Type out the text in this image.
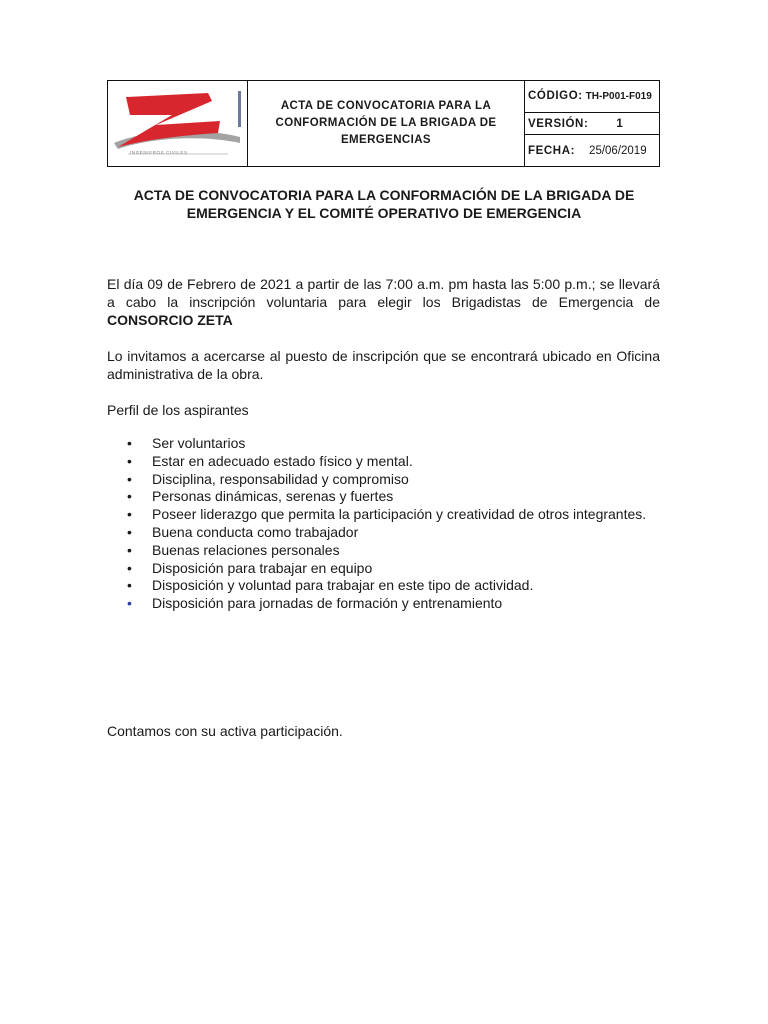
INGENIEROS CIVILES
ACTA DE CONVOCATORIA PARA LA CONFORMACIÓN DE LA BRIGADA DE EMERGENCIAS
CÓDIGO: TH-P001-F019
VERSIÓN: 1
FECHA: 25/06/2019
ACTA DE CONVOCATORIA PARA LA CONFORMACIÓN DE LA BRIGADA DE
EMERGENCIA Y EL COMITÉ OPERATIVO DE EMERGENCIA
El día 09 de Febrero de 2021 a partir de las 7:00 a.m. pm hasta las 5:00 p.m.; se llevará a cabo la inscripción voluntaria para elegir los Brigadistas de Emergencia de CONSORCIO ZETA
Lo invitamos a acercarse al puesto de inscripción que se encontrará ubicado en Oficina administrativa de la obra.
Perfil de los aspirantes
• Ser voluntarios
• Estar en adecuado estado físico y mental.
• Disciplina, responsabilidad y compromiso
• Personas dinámicas, serenas y fuertes
• Poseer liderazgo que permita la participación y creatividad de otros integrantes.
• Buena conducta como trabajador
• Buenas relaciones personales
• Disposición para trabajar en equipo
• Disposición y voluntad para trabajar en este tipo de actividad.
• Disposición para jornadas de formación y entrenamiento
Contamos con su activa participación.
